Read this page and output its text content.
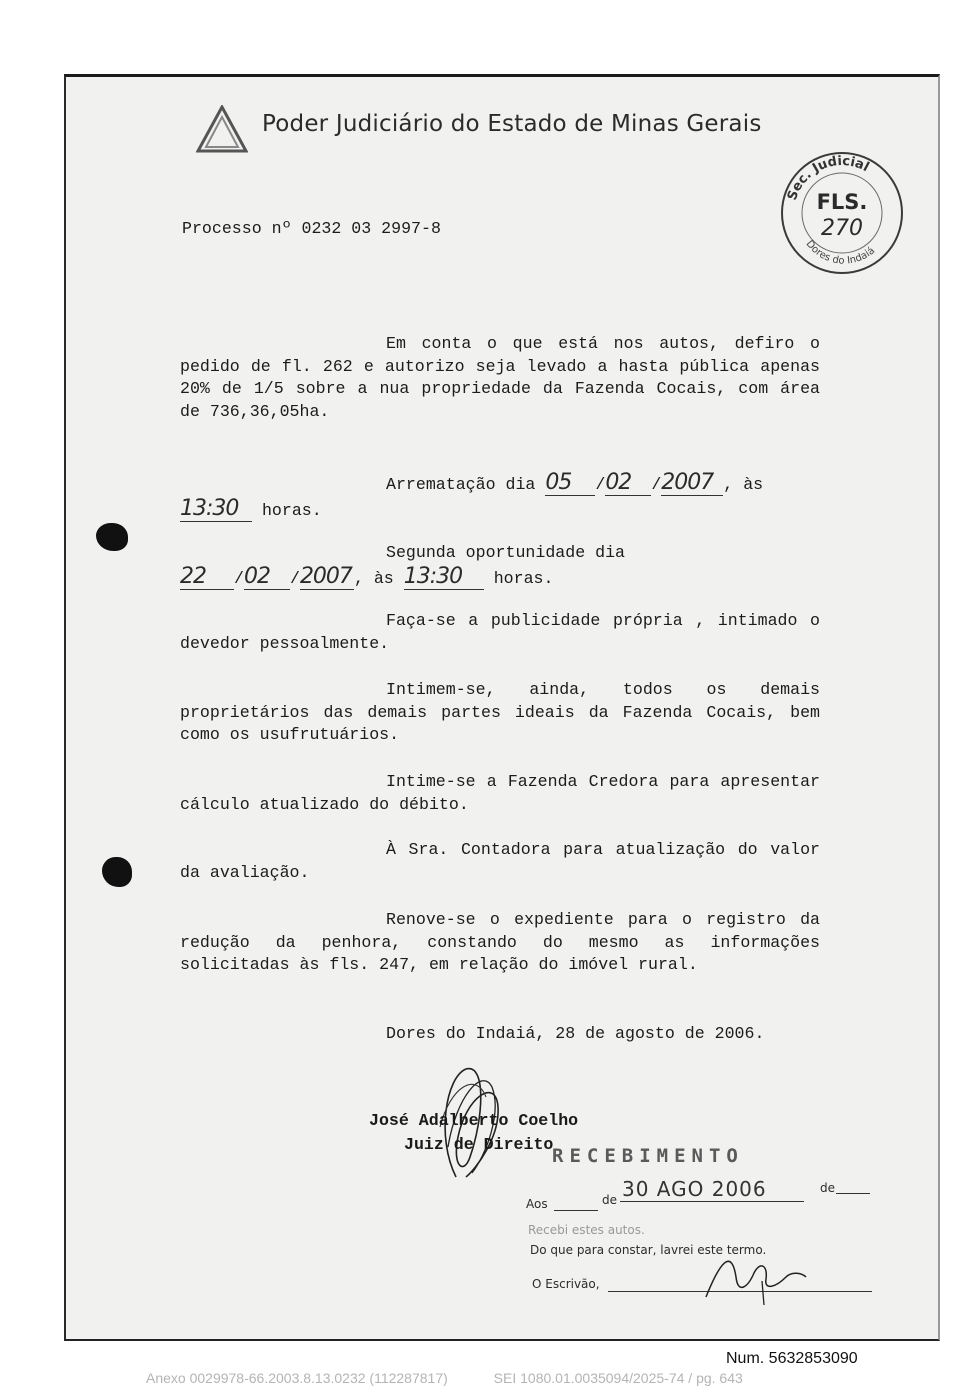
Poder Judiciário do Estado de Minas Gerais
Sec. Judicial
Dores do Indaiá
FLS.
270
Processo nº 0232 03 2997-8
Em conta o que está nos autos, defiro o pedido de fl. 262 e autorizo seja levado a hasta pública apenas 20% de 1/5 sobre a nua propriedade da Fazenda Cocais, com área de 736,36,05ha.
Arrematação dia 05 /02 /2007 , às
13:30 horas.
Segunda oportunidade dia
22 /02 /2007 , às 13:30 horas.
Faça-se a publicidade própria , intimado o devedor pessoalmente.
Intimem-se, ainda, todos os demais proprietários das demais partes ideais da Fazenda Cocais, bem como os usufrutuários.
Intime-se a Fazenda Credora para apresentar cálculo atualizado do débito.
À Sra. Contadora para atualização do valor da avaliação.
Renove-se o expediente para o registro da redução da penhora, constando do mesmo as informações solicitadas às fls. 247, em relação do imóvel rural.
Dores do Indaiá, 28 de agosto de 2006.
José Adalberto Coelho
Juiz de Direito
RECEBIMENTO
Aos	de 30 AGO 2006	de
Recebi estes autos.
Do que para constar, lavrei este termo.
O Escrivão,
Num. 5632853090
Anexo 0029978-66.2003.8.13.0232 (112287817)	SEI 1080.01.0035094/2025-74 / pg. 643
